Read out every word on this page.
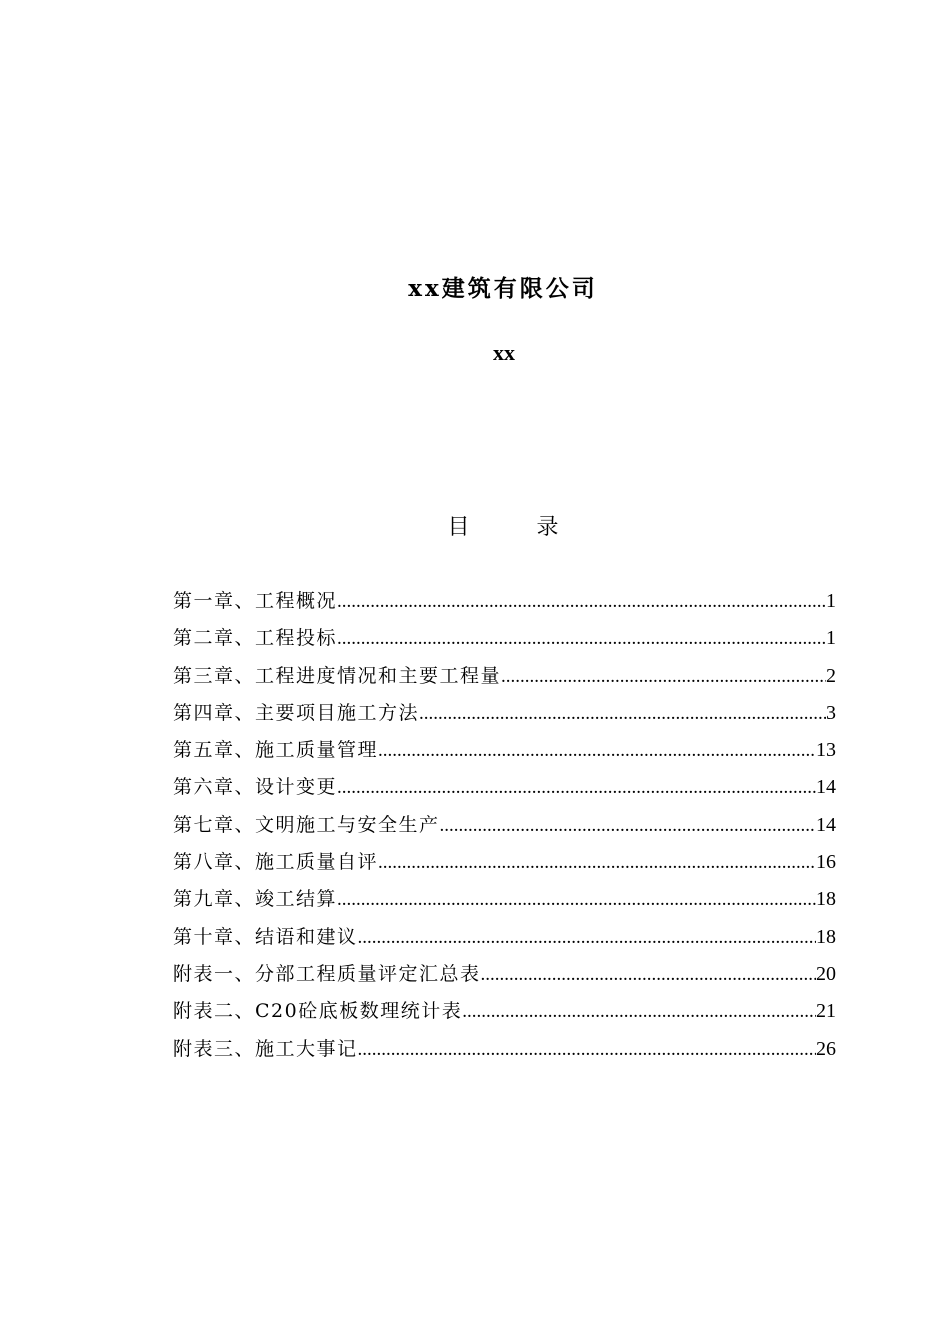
xx建筑有限公司
xx
目 录
第一章、工程概况 .....	1
第二章、工程投标 .....	1
第三章、工程进度情况和主要工程量 .....	2
第四章、主要项目施工方法 .....	3
第五章、施工质量管理 .....	13
第六章、设计变更 .....	14
第七章、文明施工与安全生产 .....	14
第八章、施工质量自评 .....	16
第九章、竣工结算 .....	18
第十章、结语和建议 .....	18
附表一、分部工程质量评定汇总表 .....	20
附表二、C20砼底板数理统计表 .....	21
附表三、施工大事记 .....	26
